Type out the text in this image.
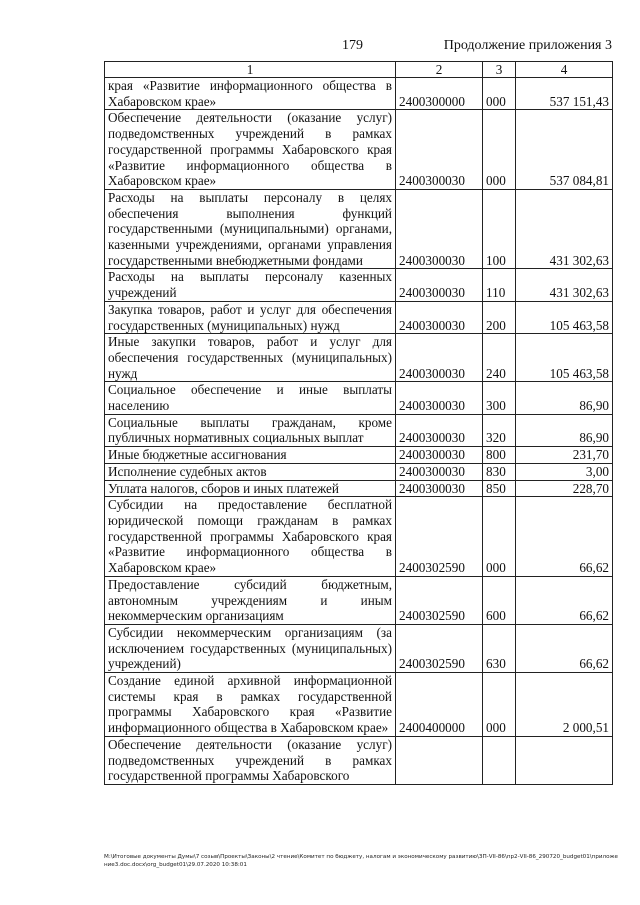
179	Продолжение приложения 3
1	2	3	4
края «Развитие информационного общества в Хабаровском крае»	2400300000	000	537 151,43
Обеспечение деятельности (оказание услуг) подведомственных учреждений в рамках государственной программы Хабаровского края «Развитие информационного общества в Хабаровском крае»	2400300030	000	537 084,81
Расходы на выплаты персоналу в целях обеспечения выполнения функций государственными (муниципальными) органами, казенными учреждениями, органами управления государственными внебюджетными фондами	2400300030	100	431 302,63
Расходы на выплаты персоналу казенных учреждений	2400300030	110	431 302,63
Закупка товаров, работ и услуг для обеспечения государственных (муниципальных) нужд	2400300030	200	105 463,58
Иные закупки товаров, работ и услуг для обеспечения государственных (муниципальных) нужд	2400300030	240	105 463,58
Социальное обеспечение и иные выплаты населению	2400300030	300	86,90
Социальные выплаты гражданам, кроме публичных нормативных социальных выплат	2400300030	320	86,90
Иные бюджетные ассигнования	2400300030	800	231,70
Исполнение судебных актов	2400300030	830	3,00
Уплата налогов, сборов и иных платежей	2400300030	850	228,70
Субсидии на предоставление бесплатной юридической помощи гражданам в рамках государственной программы Хабаровского края «Развитие информационного общества в Хабаровском крае»	2400302590	000	66,62
Предоставление субсидий бюджетным, автономным учреждениям и иным некоммерческим организациям	2400302590	600	66,62
Субсидии некоммерческим организациям (за исключением государственных (муниципальных) учреждений)	2400302590	630	66,62
Создание единой архивной информационной системы края в рамках государственной программы Хабаровского края «Развитие информационного общества в Хабаровском крае»	2400400000	000	2 000,51
Обеспечение деятельности (оказание услуг) подведомственных учреждений в рамках государственной программы Хабаровского			
M:\Итоговые документы Думы\7 созыв\Проекты\Законы\2 чтение\Комитет по бюджету, налогам и экономическому развитию\ЗП-VII-86\пр2-VII-86_290720_budget01\приложение3.doc.docx\org_budget01\29.07.2020 10:38:01
